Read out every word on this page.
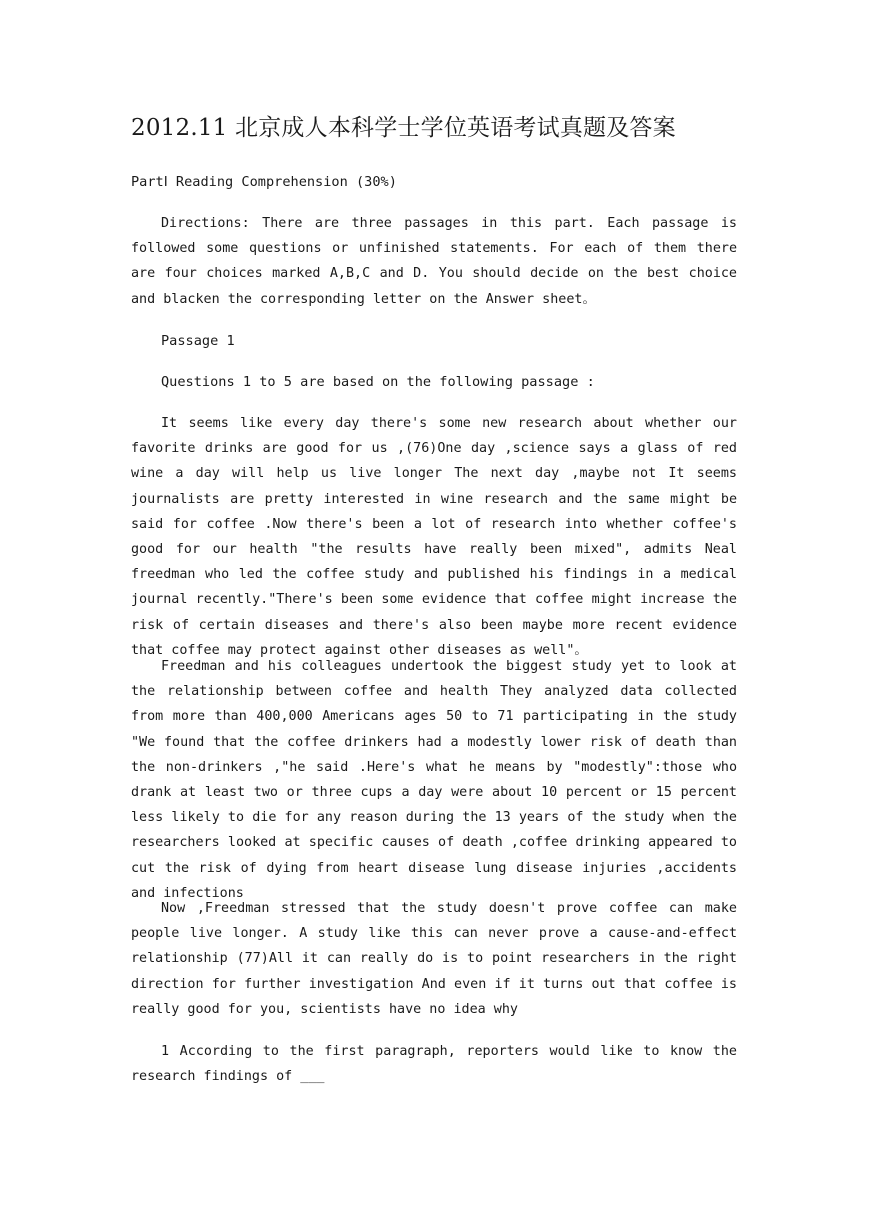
2012.11 北京成人本科学士学位英语考试真题及答案
PartⅠ Reading Comprehension (30%)

Directions: There are three passages in this part. Each passage is followed some questions or unfinished statements. For each of them there are four choices marked A,B,C and D. You should decide on the best choice and blacken the corresponding letter on the Answer sheet。

Passage 1
Questions 1 to 5 are based on the following passage :

It seems like every day there's some new research about whether our favorite drinks are good for us ,(76)One day ,science says a glass of red wine a day will help us live longer The next day ,maybe not It seems journalists are pretty interested in wine research and the same might be said for coffee .Now there's been a lot of research into whether coffee's good for our health "the results have really been mixed", admits Neal freedman who led the coffee study and published his findings in a medical journal recently."There's been some evidence that coffee might increase the risk of certain diseases and there's also been maybe more recent evidence that coffee may protect against other diseases as well"。

Freedman and his colleagues undertook the biggest study yet to look at the relationship between coffee and health They analyzed data collected from more than 400,000 Americans ages 50 to 71 participating in the study "We found that the coffee drinkers had a modestly lower risk of death than the non-drinkers ,"he said .Here's what he means by "modestly":those who drank at least two or three cups a day were about 10 percent or 15 percent less likely to die for any reason during the 13 years of the study when the researchers looked at specific causes of death ,coffee drinking appeared to cut the risk of dying from heart disease lung disease injuries ,accidents and infections

Now ,Freedman stressed that the study doesn't prove coffee can make people live longer. A study like this can never prove a cause-and-effect relationship (77)All it can really do is to point researchers in the right direction for further investigation And even if it turns out that coffee is really good for you, scientists have no idea why

1 According to the first paragraph, reporters would like to know the research findings of ___
